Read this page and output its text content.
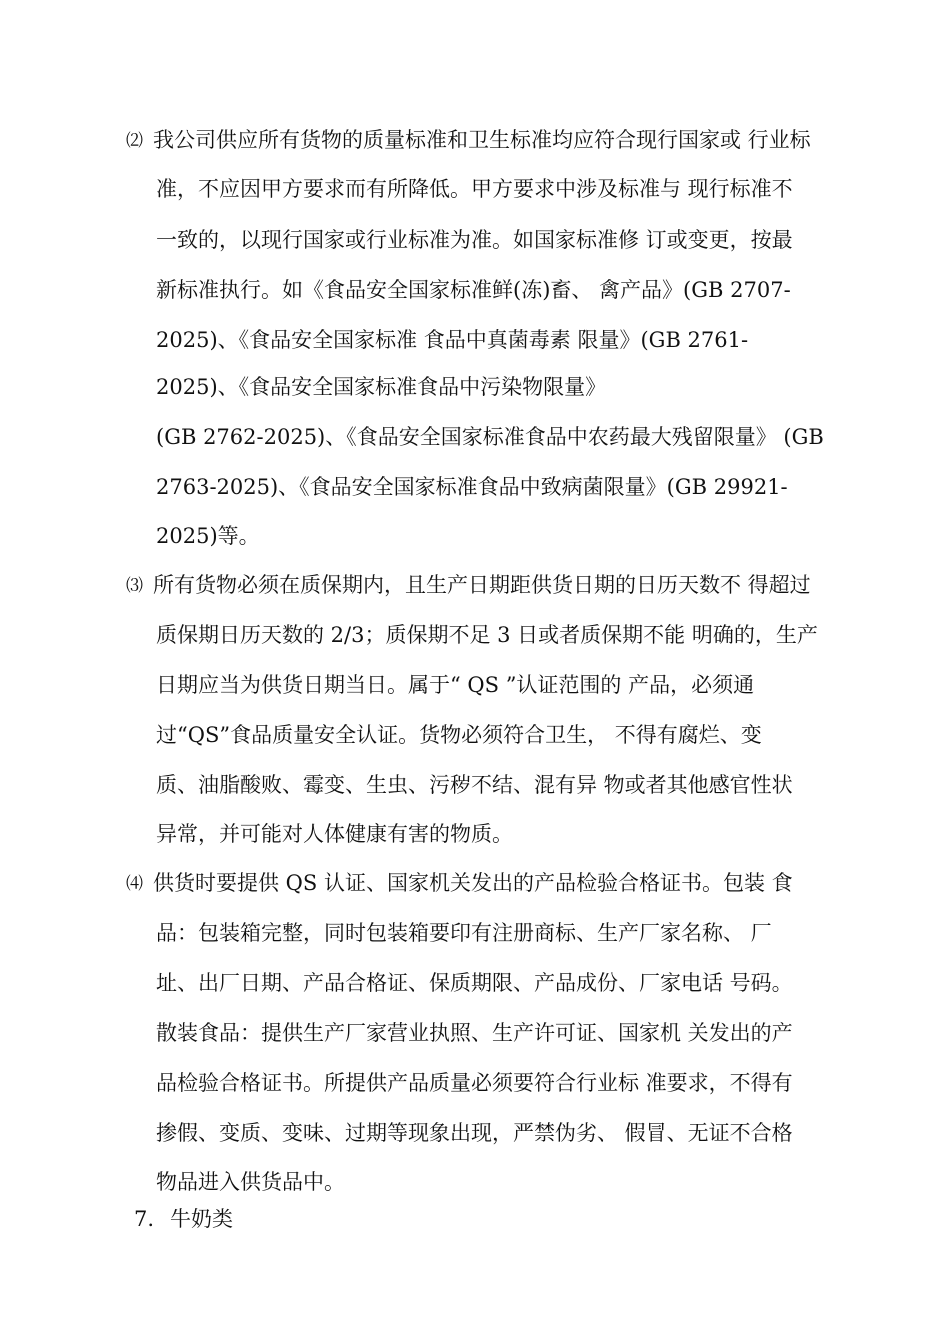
⑵ 我公司供应所有货物的质量标准和卫生标准均应符合现行国家或 行业标
准，不应因甲方要求而有所降低。甲方要求中涉及标准与 现行标准不
一致的，以现行国家或行业标准为准。如国家标准修 订或变更，按最
新标准执行。如《食品安全国家标准鲜(冻)畜、 禽产品》(GB 2707-
2025)、《食品安全国家标准 食品中真菌毒素 限量》(GB 2761-
2025)、《食品安全国家标准食品中污染物限量》
(GB 2762-2025)、《食品安全国家标准食品中农药最大残留限量》 (GB
2763-2025)、《食品安全国家标准食品中致病菌限量》(GB 29921-
2025)等。
⑶ 所有货物必须在质保期内，且生产日期距供货日期的日历天数不 得超过
质保期日历天数的 2/3；质保期不足 3 日或者质保期不能 明确的，生产
日期应当为供货日期当日。属于“ QS ”认证范围的 产品，必须通
过“QS”食品质量安全认证。货物必须符合卫生， 不得有腐烂、变
质、油脂酸败、霉变、生虫、污秽不结、混有异 物或者其他感官性状
异常，并可能对人体健康有害的物质。
⑷ 供货时要提供 QS 认证、国家机关发出的产品检验合格证书。包装 食
品：包装箱完整，同时包装箱要印有注册商标、生产厂家名称、 厂
址、出厂日期、产品合格证、保质期限、产品成份、厂家电话 号码。
散装食品：提供生产厂家营业执照、生产许可证、国家机 关发出的产
品检验合格证书。所提供产品质量必须要符合行业标 准要求，不得有
掺假、变质、变味、过期等现象出现，严禁伪劣、 假冒、无证不合格
物品进入供货品中。
7. 牛奶类
